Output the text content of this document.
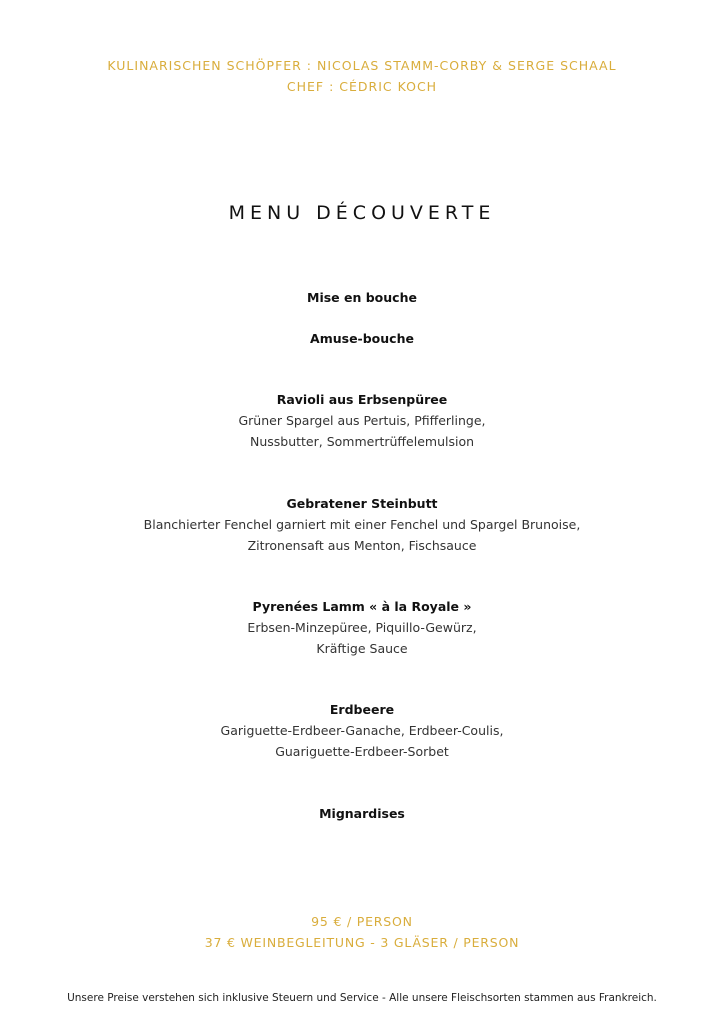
KULINARISCHEN SCHÖPFER : NICOLAS STAMM-CORBY & SERGE SCHAAL
CHEF : CÉDRIC KOCH
MENU DÉCOUVERTE
Mise en bouche
Amuse-bouche
Ravioli aus Erbsenpüree
Grüner Spargel aus Pertuis, Pfifferlinge,
Nussbutter, Sommertrüffelemulsion
Gebratener Steinbutt
Blanchierter Fenchel garniert mit einer Fenchel und Spargel Brunoise,
Zitronensaft aus Menton, Fischsauce
Pyrenées Lamm « à la Royale »
Erbsen-Minzepüree, Piquillo-Gewürz,
Kräftige Sauce
Erdbeere
Gariguette-Erdbeer-Ganache, Erdbeer-Coulis,
Guariguette-Erdbeer-Sorbet
Mignardises
95 € / PERSON
37 € WEINBEGLEITUNG - 3 GLÄSER / PERSON
Unsere Preise verstehen sich inklusive Steuern und Service - Alle unsere Fleischsorten stammen aus Frankreich.
